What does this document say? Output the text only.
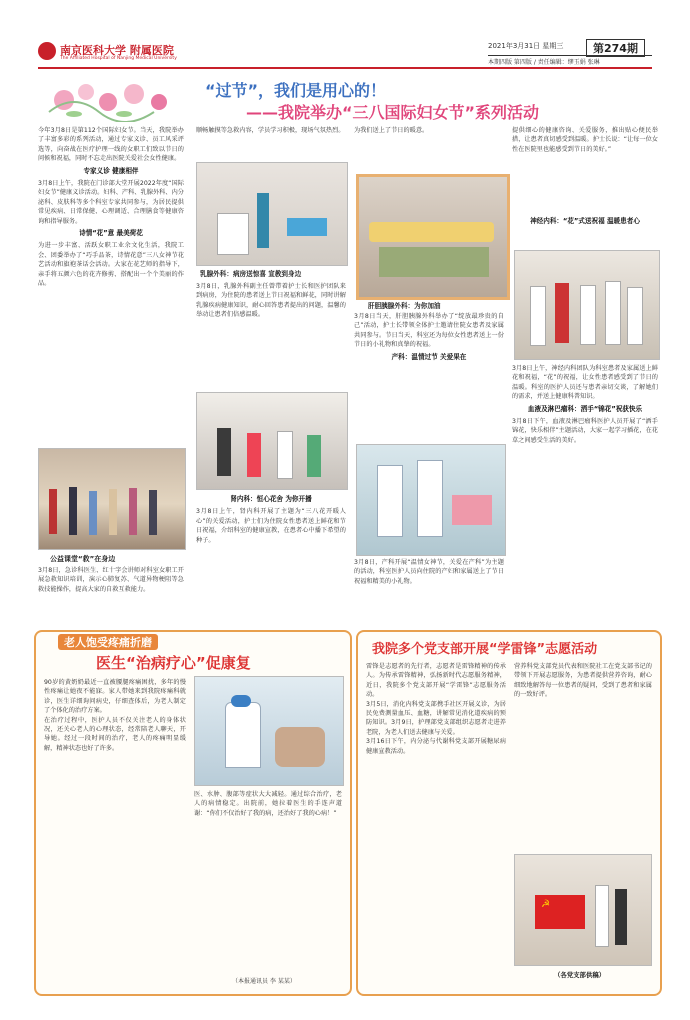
南京医科大学 附属医院
The Affiliated Hospital of Nanjing Medical University
2021年3月31日 星期三	第274期
本期四版 第四版 / 责任编辑：缪玉娟 张琳
“过节”，我们是用心的！
——我院举办“三八国际妇女节”系列活动
今年3月8日是第112个国际妇女节。当天，我院举办了丰富多彩的系列活动，通过专家义诊、员工风采评选等，向奋战在医疗护理一线的女职工们致以节日的问候和祝福，同时不忘走出医院关爱社会女性健康。
专家义诊 健康相伴
3月8日上午，我院在门诊部大堂开展2022年度“国际妇女节”健康义诊活动。妇科、产科、乳腺外科、内分泌科、皮肤科等多个科室专家共同参与，为居民提供常见疾病、日常保健、心理调适、合理膳食等健康咨询和指导服务。
诗情“花”意 最美荷花
为进一步丰富、活跃女职工业余文化生活，我院工会、团委举办了“巧手品茶，诗情花意”三八女神节花艺活动和旗袍茶话会活动。大家在花艺师的指导下，亲手将五颜六色的花卉修剪、搭配出一个个美丽的作品。
公益课堂“救”在身边
3月8日，急诊科医生、红十字会讲师对科室女职工开展急救知识培训，演示心肺复苏、气道异物梗阻等急救技能操作，提高大家的自救互救能力。
顺畅触摸等急救内容，学员学习积极，现场气氛热烈。
乳腺外科：病房送惊喜 宣教到身边
3月8日，乳腺外科副主任曾带着护士长和医护团队来到病房，为住院的患者送上节日祝福和鲜花，同时讲解乳腺疾病健康知识，耐心回答患者提出的问题，温馨的举动让患者们倍感温暖。
肾内科：恒心花舍 为你开播
3月8日上午，肾内科开展了主题为“三八花开暖人心”的关爱活动，护士们为住院女性患者送上鲜花和节日祝福，介绍科室的健康宣教，在患者心中播下希望的种子。
为我们送上了节日的暖意。
肝胆胰腺外科：为你加油
3月8日当天，肝胆胰腺外科举办了“绽放最珍贵的自己”活动，护士长带领全体护士邀请住院女患者及家属共同参与。节日当天，科室还为每位女性患者送上一份节日的小礼物和真挚的祝福。
产科：温情过节 关爱果在
3月8日，产科开展“温情女神节，关爱在产科”为主题的活动，科室医护人员向住院的产妇和家属送上了节日祝福和精美的小礼物。
提供细心的健康咨询、关爱服务，推出贴心便民举措，让患者真切感受到温暖。护士长说：“让每一位女性在医院里也能感受到节日的美好。”
神经内科：“花”式送祝福 温暖患者心
3月8日上午，神经内科团队为科室患者及家属送上鲜花和祝福，“花”的祝福，让女性患者感受到了节日的温暖。科室的医护人员还与患者亲切交谈，了解她们的需求，并送上健康科普知识。
血液及淋巴瘤科：洒手“锦花”祝获快乐
3月8日下午，血液及淋巴瘤科医护人员开展了“洒手锦花，快乐相伴”主题活动，大家一起学习插花，在花草之间感受生活的美好。
老人饱受疼痛折磨
医生“治病疗心”促康复
90岁的黄奶奶最近一直被腰腿疼痛困扰，多年的慢性疼痛让她夜不能寐。家人带她来到我院疼痛科就诊，医生详细询问病史，仔细查体后，为老人制定了个体化的治疗方案。
在治疗过程中，医护人员不仅关注老人的身体状况，还关心老人的心理状态，经常陪老人聊天，开导她。经过一段时间的治疗，老人的疼痛明显缓解，精神状态也好了许多。
医、水肿、腹部等症状大大减轻。通过综合治疗，老人的病情稳定。出院前，她拉着医生的手连声道谢：“你们不仅治好了我的病，还治好了我的心病！”
（本报通讯员 李 某某）
我院多个党支部开展“学雷锋”志愿活动
雷锋是志愿者的先行者，志愿者是雷锋精神的传承人。为传承雷锋精神，弘扬新时代志愿服务精神，近日，我院多个党支部开展“学雷锋”志愿服务活动。
3月5日，消化内科党支部携手社区开展义诊，为居民免费测量血压、血糖，讲解常见消化道疾病的预防知识。3月9日，护理部党支部组织志愿者走进养老院，为老人们送去健康与关爱。
3月16日下午，内分泌与代谢科党支部开展糖尿病健康宣教活动。
营养科党支部党员代表和医院社工在党支部书记的带领下开展志愿服务，为患者提供营养咨询，耐心细致地解答每一位患者的疑问，受到了患者和家属的一致好评。
☭
（各党支部供稿）
